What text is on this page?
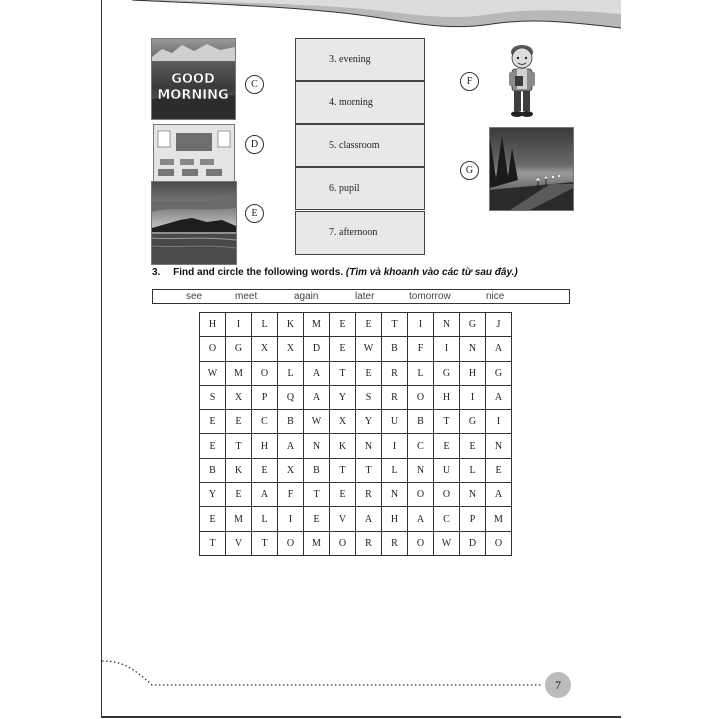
GOOD
MORNING
C
D
E
3. evening
4. morning
5. classroom
6. pupil
7. afternoon
F
G
3. Find and circle the following words. (Tìm và khoanh vào các từ sau đây.)
see	meet	again	later	tomorrow	nice
H	I	L	K	M	E	E	T	I	N	G	J
O	G	X	X	D	E	W	B	F	I	N	A
W	M	O	L	A	T	E	R	L	G	H	G
S	X	P	Q	A	Y	S	R	O	H	I	A
E	E	C	B	W	X	Y	U	B	T	G	I
E	T	H	A	N	K	N	I	C	E	E	N
B	K	E	X	B	T	T	L	N	U	L	E
Y	E	A	F	T	E	R	N	O	O	N	A
E	M	L	I	E	V	A	H	A	C	P	M
T	V	T	O	M	O	R	R	O	W	D	O
7
